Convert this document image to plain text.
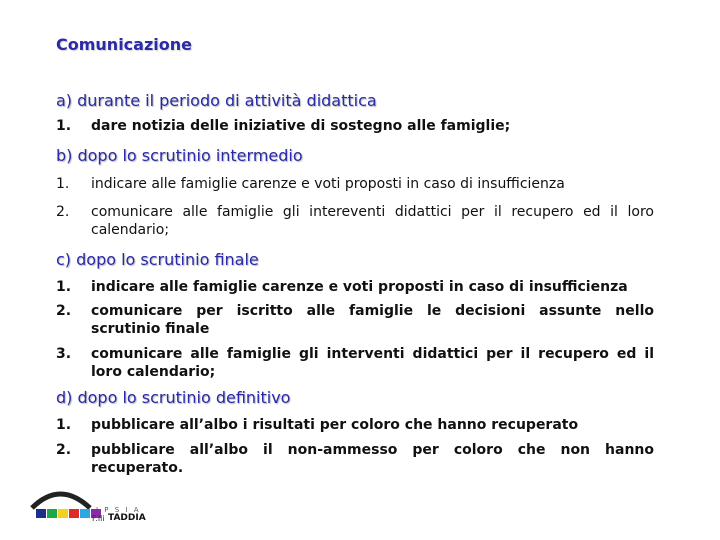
Comunicazione
a) durante il periodo di attività didattica
1.	dare notizia delle iniziative di sostegno alle famiglie;
b) dopo lo scrutinio intermedio
1.	indicare alle famiglie carenze e voti proposti in caso di insufficienza
2.	comunicare alle famiglie gli intereventi didattici per il recupero ed il loro calendario;
c) dopo lo scrutinio finale
1.	indicare alle famiglie carenze e voti proposti in caso di insufficienza
2.	comunicare per iscritto alle famiglie le decisioni assunte nello scrutinio finale
3.	comunicare alle famiglie gli interventi didattici per il recupero ed il loro calendario;
d) dopo lo scrutinio definitivo
1.	pubblicare all’albo i risultati per coloro che hanno recuperato
2.	pubblicare all’albo il non-ammesso per coloro che non hanno recuperato.
I P S I A
F.lli TADDIA
